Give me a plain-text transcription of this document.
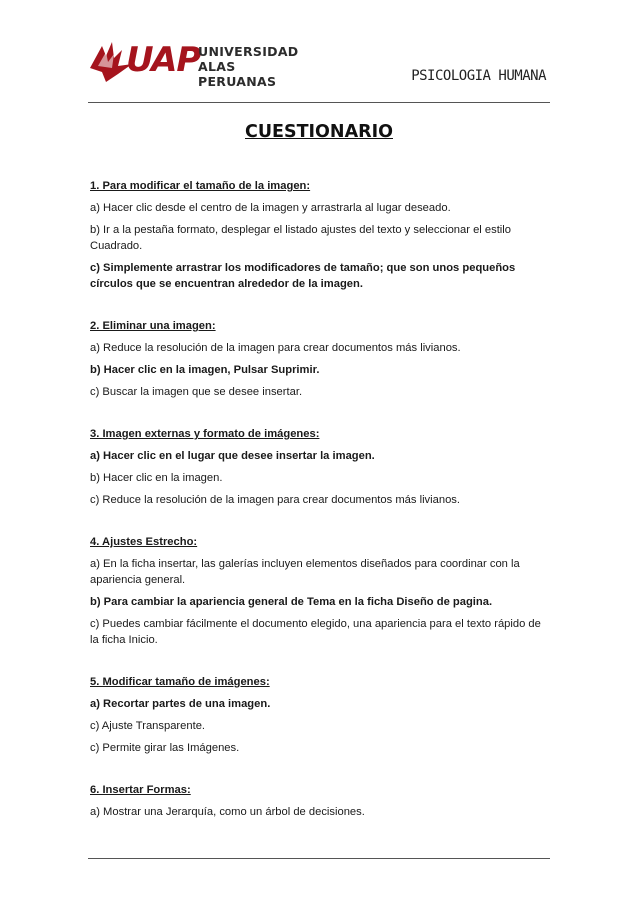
UAP
UNIVERSIDAD
ALAS PERUANAS	PSICOLOGIA HUMANA
CUESTIONARIO
1. Para modificar el tamaño de la imagen:
a) Hacer clic desde el centro de la imagen y arrastrarla al lugar deseado.
b) Ir a la pestaña formato, desplegar el listado ajustes del texto y seleccionar el estilo Cuadrado.
c) Simplemente arrastrar los modificadores de tamaño; que son unos pequeños círculos que se encuentran alrededor de la imagen.
2. Eliminar una imagen:
a) Reduce la resolución de la imagen para crear documentos más livianos.
b) Hacer clic en la imagen, Pulsar Suprimir.
c) Buscar la imagen que se desee insertar.
3. Imagen externas y formato de imágenes:
a) Hacer clic en el lugar que desee insertar la imagen.
b) Hacer clic en la imagen.
c) Reduce la resolución de la imagen para crear documentos más livianos.
4. Ajustes Estrecho:
a) En la ficha insertar, las galerías incluyen elementos diseñados para coordinar con la apariencia general.
b) Para cambiar la apariencia general de Tema en la ficha Diseño de pagina.
c) Puedes cambiar fácilmente el documento elegido, una apariencia para el texto rápido de la ficha Inicio.
5. Modificar tamaño de imágenes:
a) Recortar partes de una imagen.
c) Ajuste Transparente.
c) Permite girar las Imágenes.
6. Insertar Formas:
a) Mostrar una Jerarquía, como un árbol de decisiones.
